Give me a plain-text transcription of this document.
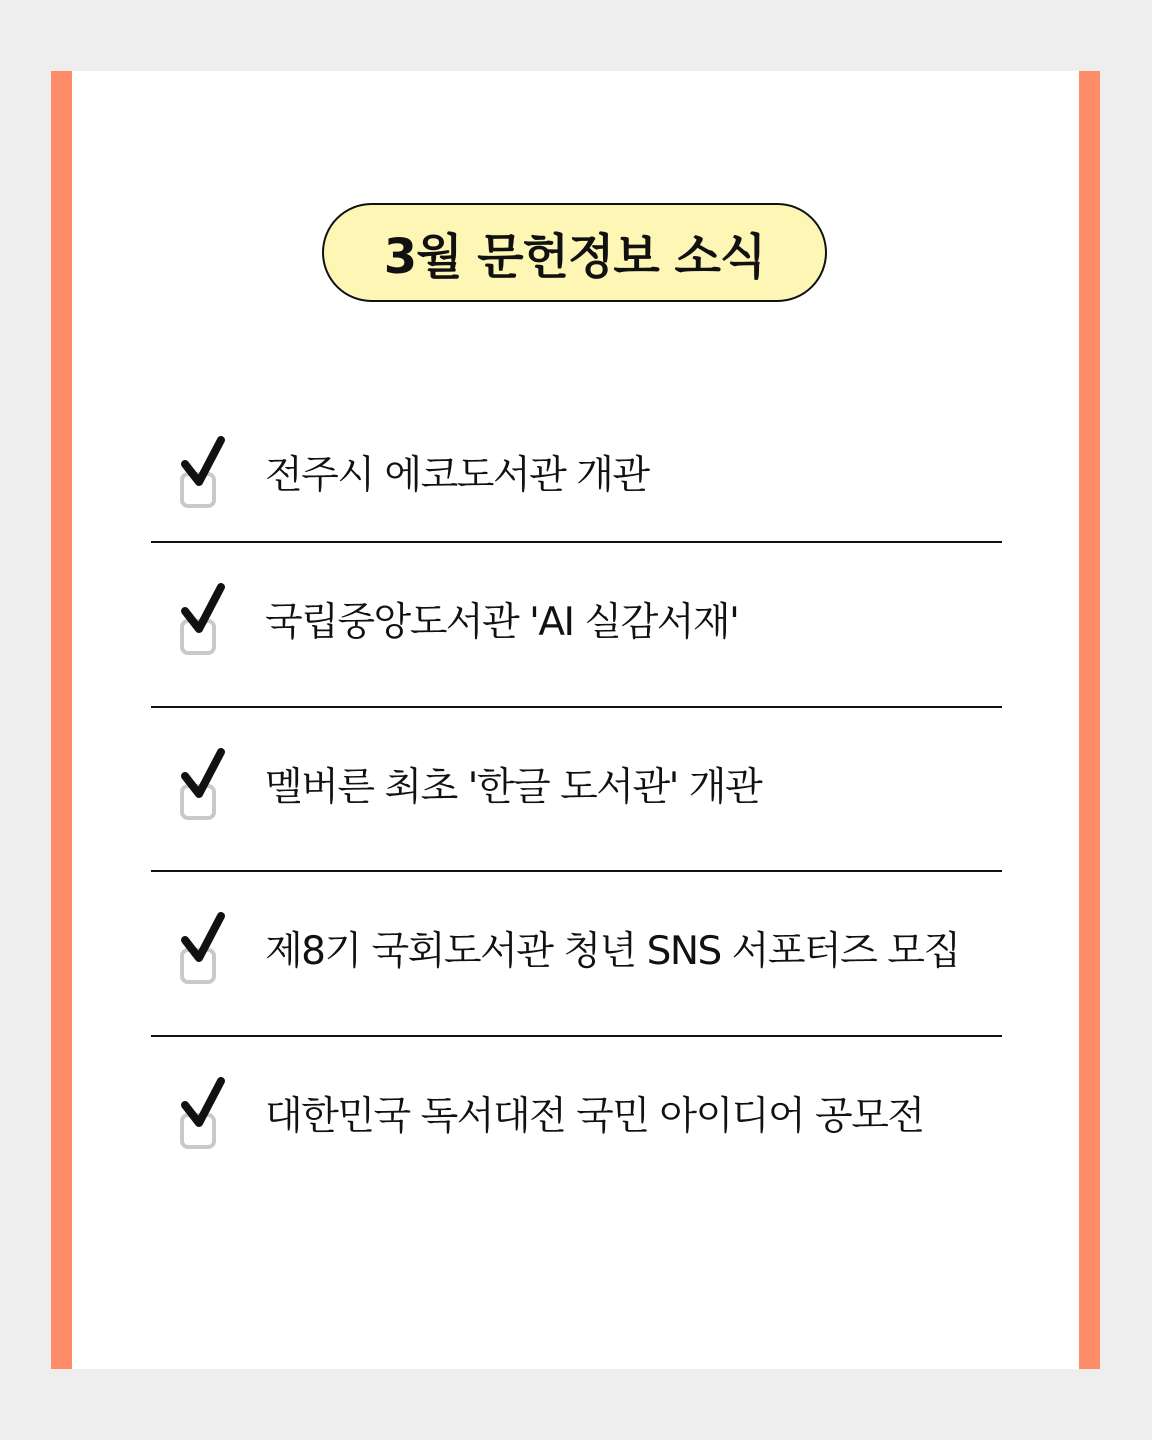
3월 문헌정보 소식
전주시 에코도서관 개관
국립중앙도서관 'AI 실감서재'
멜버른 최초 '한글 도서관' 개관
제8기 국회도서관 청년 SNS 서포터즈 모집
대한민국 독서대전 국민 아이디어 공모전
